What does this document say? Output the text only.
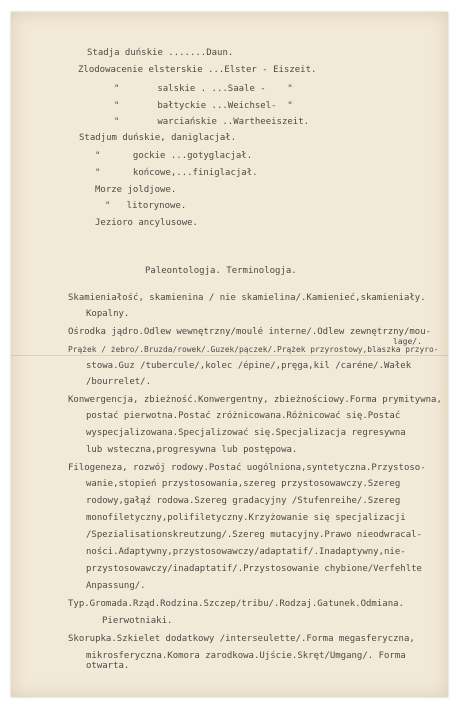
Stadja duńskie .......Daun.
Zlodowacenie elsterskie ...Elster - Eiszeit.
"       salskie . ...Saale -    "
"       bałtyckie ...Weichsel-  "
"       warciańskie ..Wartheeiszeit.
Stadjum duńskie, daniglacjał.
"      gockie ...gotyglacjał.
"      końcowe,...finiglacjał.
Morze joldjowe.
"   litorynowe.
Jezioro ancylusowe.
Paleontologja. Terminologja.
Skamieniałość, skamienina / nie skamielina/.Kamienieć,skamieniały.
Kopalny.
Ośrodka jądro.Odlew wewnętrzny/moulé interne/.Odlew zewnętrzny/mou-
lage/.
Prążek / żebro/.Bruzda/rowek/.Guzek/pączek/.Prążek przyrostowy,blaszka przyro-
stowa.Guz /tubercule/,kolec /épine/,pręga,kil /caréne/.Wałek
/bourrelet/.
Konwergencja, zbieżność.Konwergentny, zbieżnościowy.Forma prymitywna,
postać pierwotna.Postać zróżnicowana.Różnicować się.Postać
wyspecjalizowana.Specjalizować się.Specjalizacja regresywna
lub wsteczna,progresywna lub postępowa.
Filogeneza, rozwój rodowy.Postać uogólniona,syntetyczna.Przystoso-
wanie,stopień przystosowania,szereg przystosowawczy.Szereg
rodowy,gałąź rodowa.Szereg gradacyjny /Stufenreihe/.Szereg
monofiletyczny,polifiletyczny.Krzyżowanie się specjalizacji
/Spezialisationskreutzung/.Szereg mutacyjny.Prawo nieodwracal-
ności.Adaptywny,przystosowawczy/adaptatif/.Inadaptywny,nie-
przystosowawczy/inadaptatif/.Przystosowanie chybione/Verfehlte
Anpassung/.
Typ.Gromada.Rząd.Rodzina.Szczep/tribu/.Rodzaj.Gatunek.Odmiana.
Pierwotniaki.
Skorupka.Szkielet dodatkowy /interseulette/.Forma megasferyczna,
mikrosferyczna.Komora zarodkowa.Ujście.Skręt/Umgang/. Forma
otwarta.
